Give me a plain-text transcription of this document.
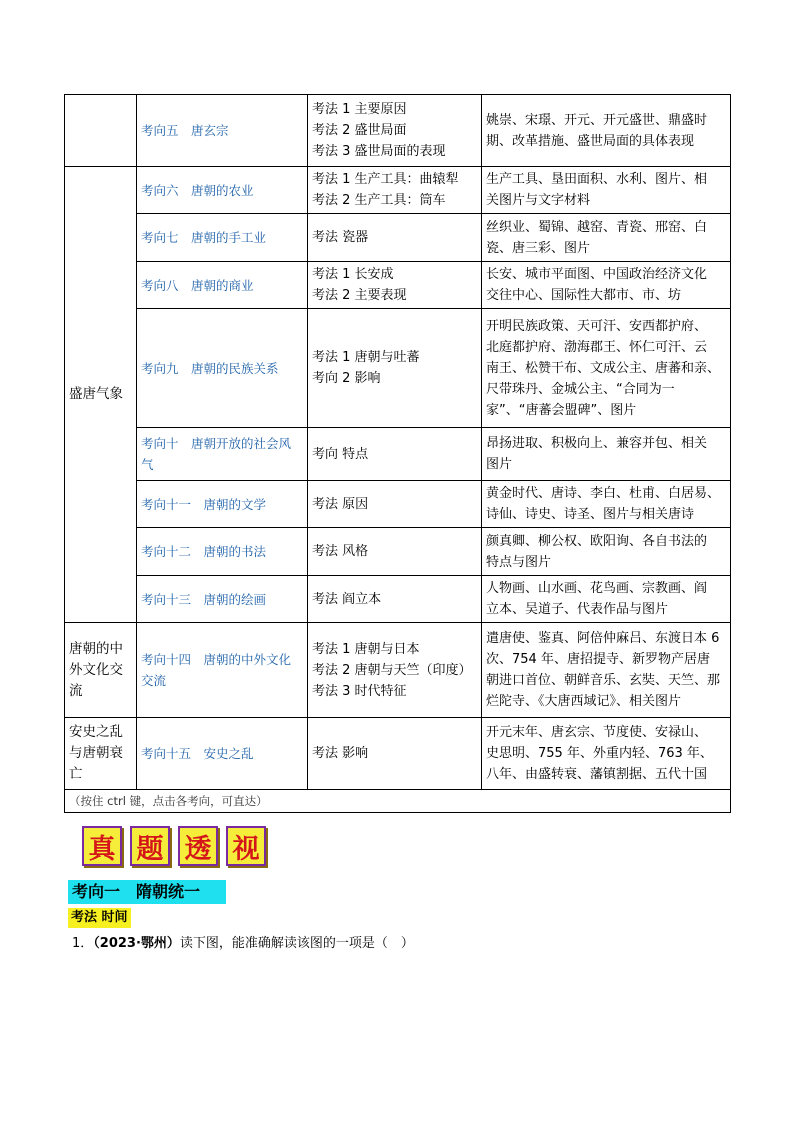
	考向五　唐玄宗	考法 1 主要原因
考法 2 盛世局面
考法 3 盛世局面的表现	姚崇、宋璟、开元、开元盛世、鼎盛时
期、改革措施、盛世局面的具体表现

盛唐气象	考向六　唐朝的农业	考法 1 生产工具：曲辕犁
考法 2 生产工具：筒车	生产工具、垦田面积、水利、图片、相
关图片与文字材料

	考向七　唐朝的手工业	考法 瓷器	丝织业、蜀锦、越窑、青瓷、邢窑、白
瓷、唐三彩、图片

	考向八　唐朝的商业	考法 1 长安成
考法 2 主要表现	长安、城市平面图、中国政治经济文化
交往中心、国际性大都市、市、坊

	考向九　唐朝的民族关系	考法 1 唐朝与吐蕃
考向 2 影响	开明民族政策、天可汗、安西都护府、
北庭都护府、渤海郡王、怀仁可汗、云
南王、松赞干布、文成公主、唐蕃和亲、
尺带珠丹、金城公主、“合同为一
家”、“唐蕃会盟碑”、图片

	考向十　唐朝开放的社会风气	考向 特点	昂扬进取、积极向上、兼容并包、相关
图片

	考向十一　唐朝的文学	考法 原因	黄金时代、唐诗、李白、杜甫、白居易、
诗仙、诗史、诗圣、图片与相关唐诗

	考向十二　唐朝的书法	考法 风格	颜真卿、柳公权、欧阳询、各自书法的
特点与图片

	考向十三　唐朝的绘画	考法 阎立本	人物画、山水画、花鸟画、宗教画、阎
立本、吴道子、代表作品与图片

唐朝的中外文化交流	考向十四　唐朝的中外文化交流	考法 1 唐朝与日本
考法 2 唐朝与天竺（印度）
考法 3 时代特征	遣唐使、鉴真、阿倍仲麻吕、东渡日本 6
次、754 年、唐招提寺、新罗物产居唐
朝进口首位、朝鲜音乐、玄奘、天竺、那
烂陀寺、《大唐西域记》、相关图片

安史之乱与唐朝衰亡	考向十五　安史之乱	考法 影响	开元末年、唐玄宗、节度使、安禄山、
史思明、755 年、外重内轻、763 年、
八年、由盛转衰、藩镇割据、五代十国

（按住 ctrl 键，点击各考向，可直达）			
真 题 透 视
考向一　隋朝统一
考法 时间
1．（2023·鄂州）读下图，能准确解读该图的一项是（　）
